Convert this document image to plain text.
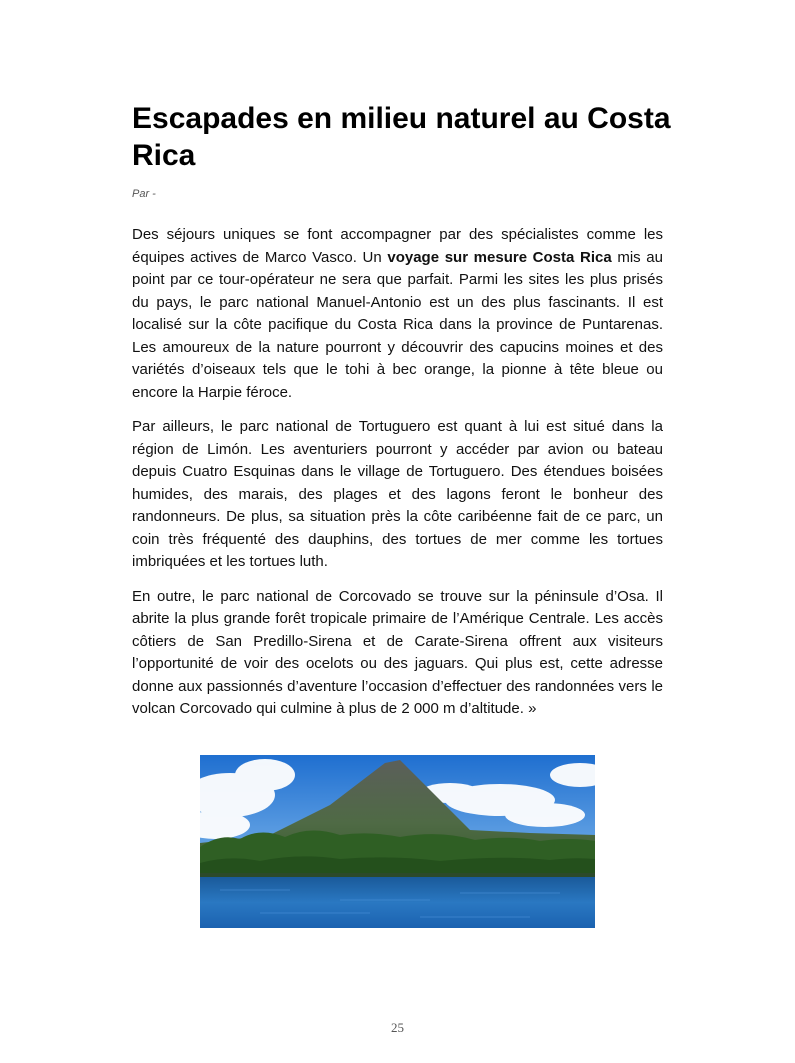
Escapades en milieu naturel au Costa Rica
Par -

Des séjours uniques se font accompagner par des spécialistes comme les équipes actives de Marco Vasco. Un voyage sur mesure Costa Rica mis au point par ce tour-opérateur ne sera que parfait. Parmi les sites les plus prisés du pays, le parc national Manuel-Antonio est un des plus fascinants. Il est localisé sur la côte pacifique du Costa Rica dans la province de Puntarenas. Les amoureux de la nature pourront y découvrir des capucins moines et des variétés d’oiseaux tels que le tohi à bec orange, la pionne à tête bleue ou encore la Harpie féroce.

Par ailleurs, le parc national de Tortuguero est quant à lui est situé dans la région de Limón. Les aventuriers pourront y accéder par avion ou bateau depuis Cuatro Esquinas dans le village de Tortuguero. Des étendues boisées humides, des marais, des plages et des lagons feront le bonheur des randonneurs. De plus, sa situation près la côte caribéenne fait de ce parc, un coin très fréquenté des dauphins, des tortues de mer comme les tortues imbriquées et les tortues luth.

En outre, le parc national de Corcovado se trouve sur la péninsule d’Osa. Il abrite la plus grande forêt tropicale primaire de l’Amérique Centrale. Les accès côtiers de San Predillo-Sirena et de Carate-Sirena offrent aux visiteurs l’opportunité de voir des ocelots ou des jaguars. Qui plus est, cette adresse donne aux passionnés d’aventure l’occasion d’effectuer des randonnées vers le volcan Corcovado qui culmine à plus de 2 000 m d’altitude. »

25
